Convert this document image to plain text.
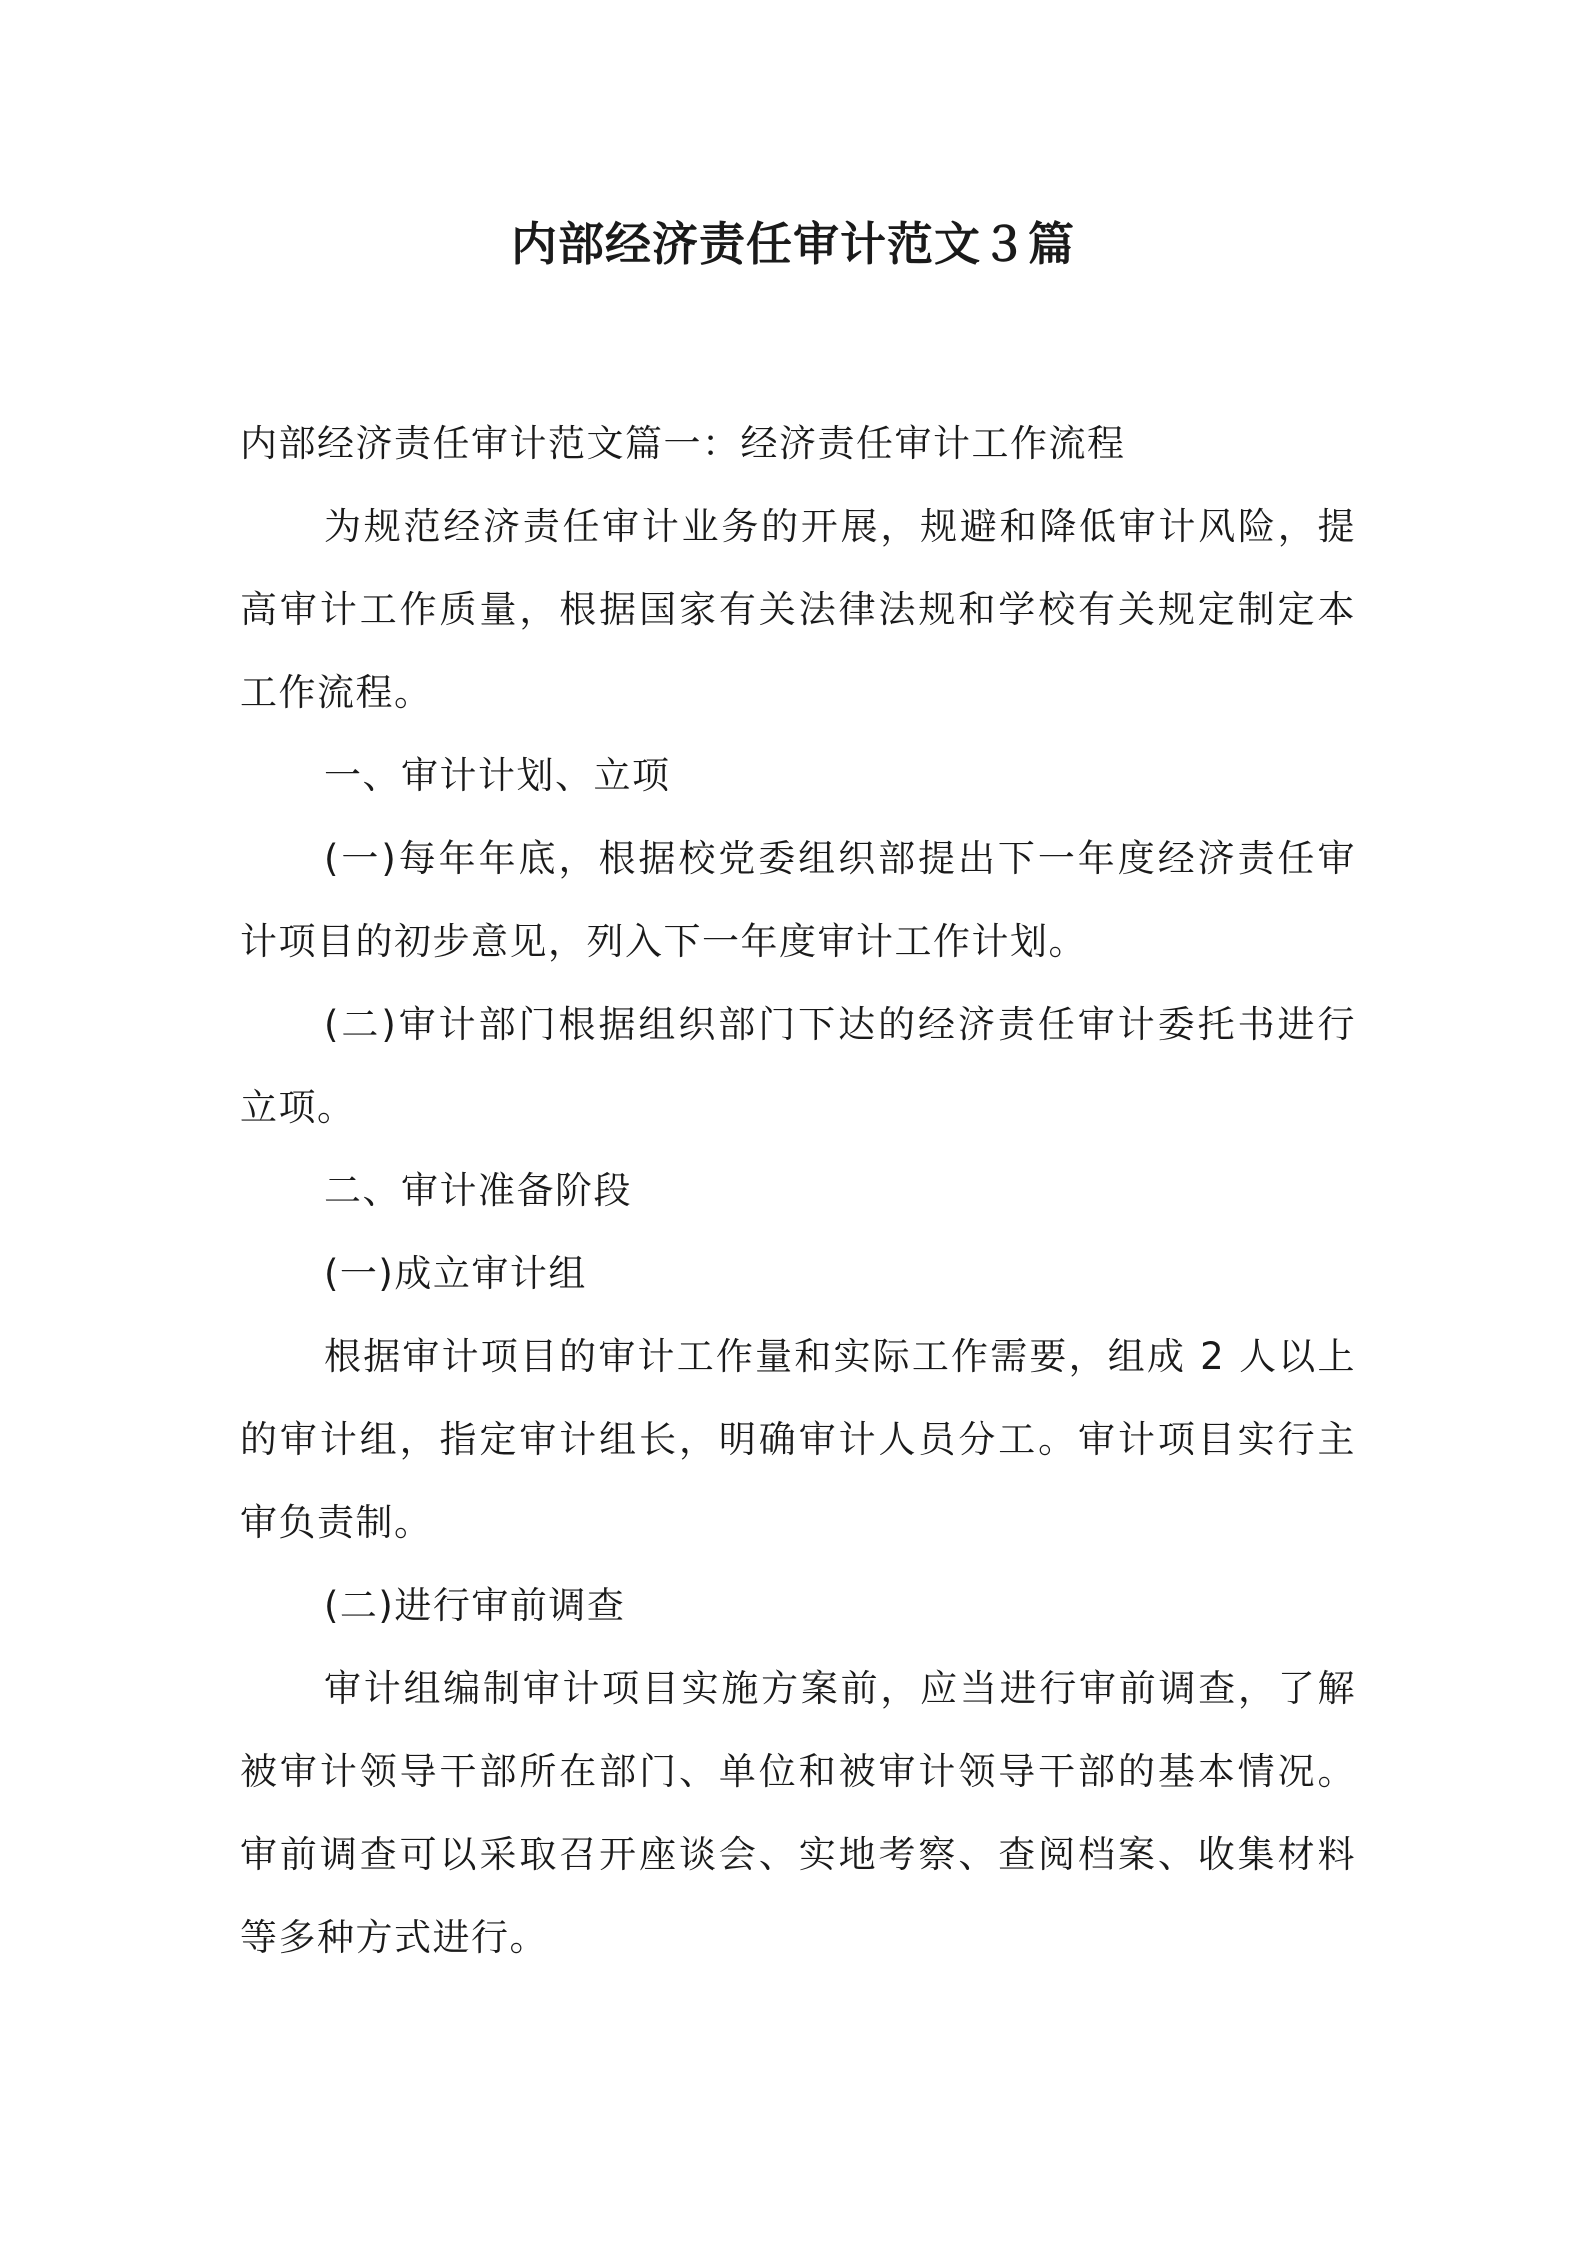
内部经济责任审计范文３篇

内部经济责任审计范文篇一：经济责任审计工作流程

为规范经济责任审计业务的开展，规避和降低审计风险，提高审计工作质量，根据国家有关法律法规和学校有关规定制定本工作流程。

一、审计计划、立项

(一)每年年底，根据校党委组织部提出下一年度经济责任审计项目的初步意见，列入下一年度审计工作计划。

(二)审计部门根据组织部门下达的经济责任审计委托书进行立项。

二、审计准备阶段

(一)成立审计组

根据审计项目的审计工作量和实际工作需要，组成 2 人以上的审计组，指定审计组长，明确审计人员分工。审计项目实行主审负责制。

(二)进行审前调查

审计组编制审计项目实施方案前，应当进行审前调查，了解被审计领导干部所在部门、单位和被审计领导干部的基本情况。审前调查可以采取召开座谈会、实地考察、查阅档案、收集材料等多种方式进行。
